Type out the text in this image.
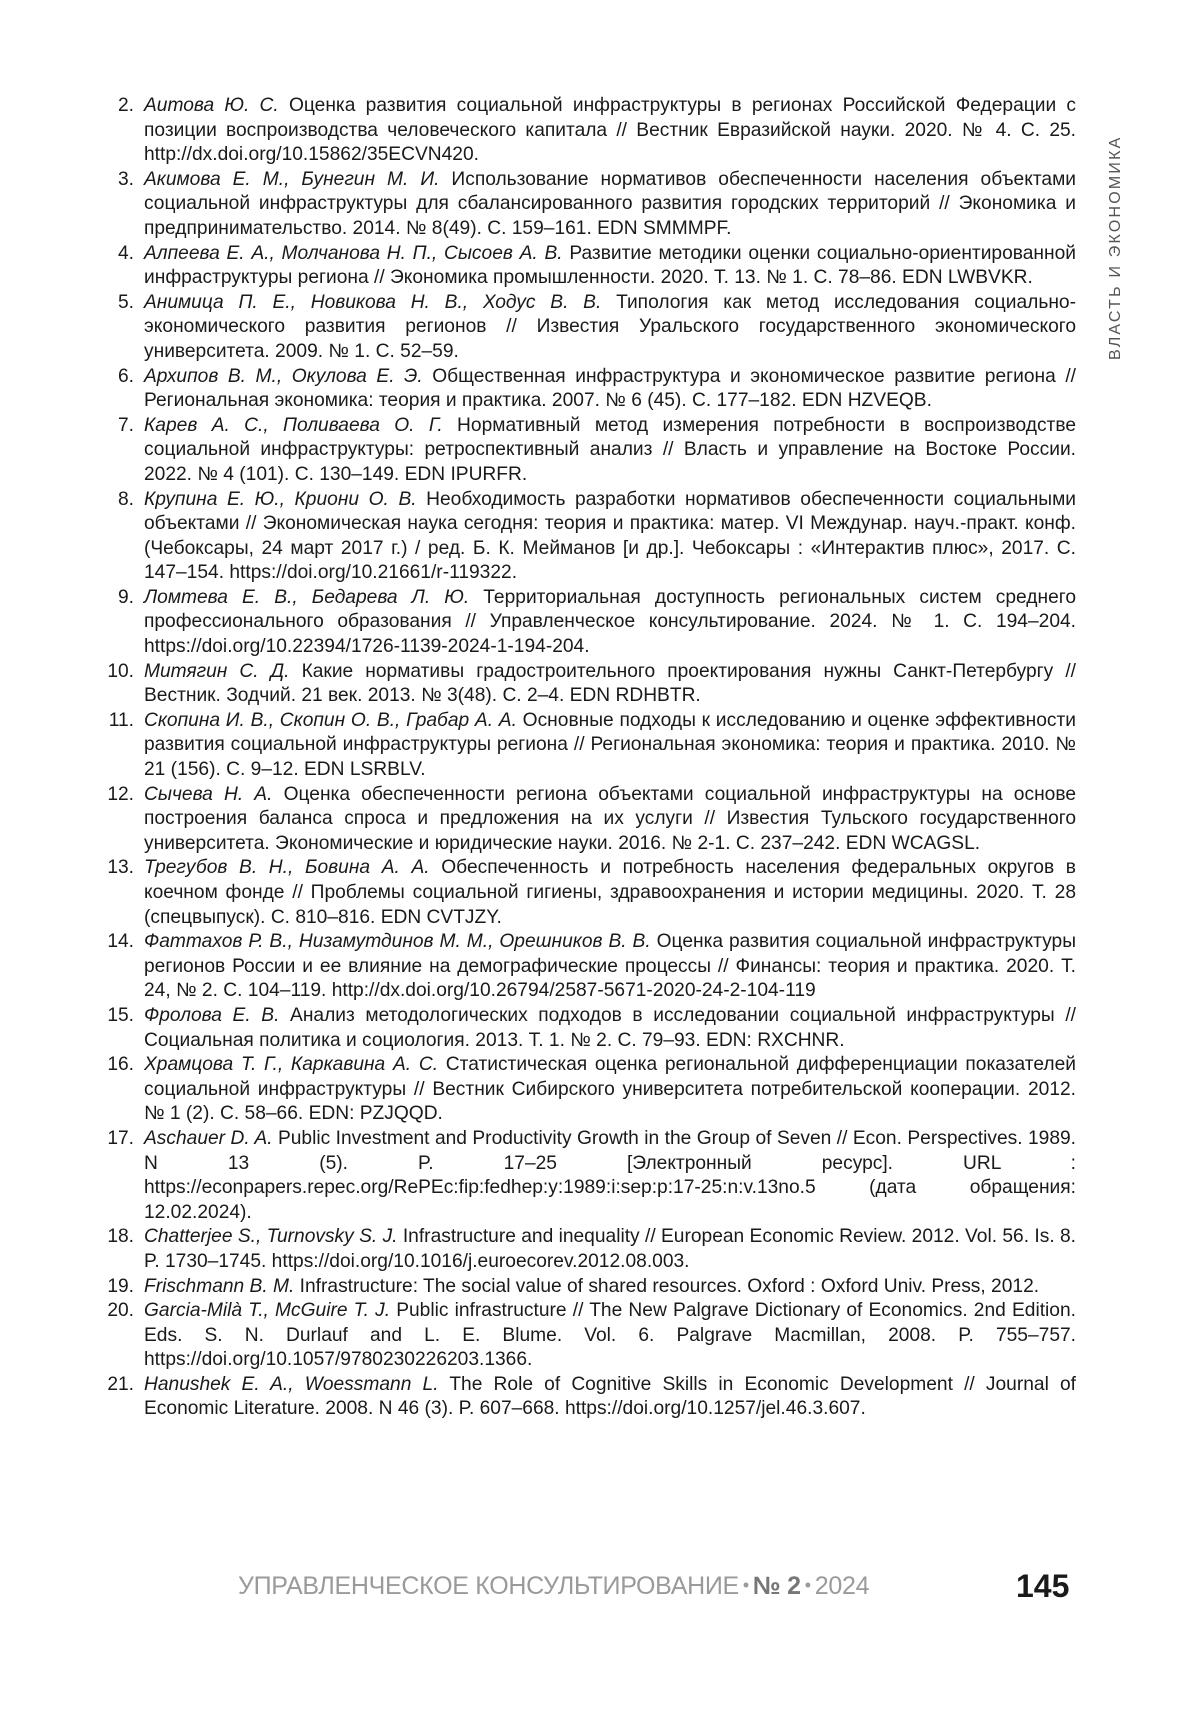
ВЛАСТЬ И ЭКОНОМИКА
2. Аитова Ю. С. Оценка развития социальной инфраструктуры в регионах Российской Федерации с позиции воспроизводства человеческого капитала // Вестник Евразийской науки. 2020. № 4. С. 25. http://dx.doi.org/10.15862/35ECVN420.
3. Акимова Е. М., Бунегин М. И. Использование нормативов обеспеченности населения объектами социальной инфраструктуры для сбалансированного развития городских территорий // Экономика и предпринимательство. 2014. № 8(49). С. 159–161. EDN SMMMPF.
4. Алпеева Е. А., Молчанова Н. П., Сысоев А. В. Развитие методики оценки социально-ориентированной инфраструктуры региона // Экономика промышленности. 2020. Т. 13. № 1. С. 78–86. EDN LWBVKR.
5. Анимица П. Е., Новикова Н. В., Ходус В. В. Типология как метод исследования социально-экономического развития регионов // Известия Уральского государственного экономического университета. 2009. № 1. С. 52–59.
6. Архипов В. М., Окулова Е. Э. Общественная инфраструктура и экономическое развитие региона // Региональная экономика: теория и практика. 2007. № 6 (45). С. 177–182. EDN HZVEQB.
7. Карев А. С., Поливаева О. Г. Нормативный метод измерения потребности в воспроизводстве социальной инфраструктуры: ретроспективный анализ // Власть и управление на Востоке России. 2022. № 4 (101). С. 130–149. EDN IPURFR.
8. Крупина Е. Ю., Криони О. В. Необходимость разработки нормативов обеспеченности социальными объектами // Экономическая наука сегодня: теория и практика: матер. VI Междунар. науч.-практ. конф. (Чебоксары, 24 март 2017 г.) / ред. Б. К. Мейманов [и др.]. Чебоксары : «Интерактив плюс», 2017. С. 147–154. https://doi.org/10.21661/r-119322.
9. Ломтева Е. В., Бедарева Л. Ю. Территориальная доступность региональных систем среднего профессионального образования // Управленческое консультирование. 2024. № 1. С. 194–204. https://doi.org/10.22394/1726-1139-2024-1-194-204.
10. Митягин С. Д. Какие нормативы градостроительного проектирования нужны Санкт-Петербургу // Вестник. Зодчий. 21 век. 2013. № 3(48). С. 2–4. EDN RDHBTR.
11. Скопина И. В., Скопин О. В., Грабар А. А. Основные подходы к исследованию и оценке эффективности развития социальной инфраструктуры региона // Региональная экономика: теория и практика. 2010. № 21 (156). С. 9–12. EDN LSRBLV.
12. Сычева Н. А. Оценка обеспеченности региона объектами социальной инфраструктуры на основе построения баланса спроса и предложения на их услуги // Известия Тульского государственного университета. Экономические и юридические науки. 2016. № 2-1. С. 237–242. EDN WCAGSL.
13. Трегубов В. Н., Бовина А. А. Обеспеченность и потребность населения федеральных округов в коечном фонде // Проблемы социальной гигиены, здравоохранения и истории медицины. 2020. Т. 28 (спецвыпуск). С. 810–816. EDN CVTJZY.
14. Фаттахов Р. В., Низамутдинов М. М., Орешников В. В. Оценка развития социальной инфраструктуры регионов России и ее влияние на демографические процессы // Финансы: теория и практика. 2020. Т. 24, № 2. С. 104–119. http://dx.doi.org/10.26794/2587-5671-2020-24-2-104-119
15. Фролова Е. В. Анализ методологических подходов в исследовании социальной инфраструктуры // Социальная политика и социология. 2013. Т. 1. № 2. С. 79–93. EDN: RXCHNR.
16. Храмцова Т. Г., Каркавина А. С. Статистическая оценка региональной дифференциации показателей социальной инфраструктуры // Вестник Сибирского университета потребительской кооперации. 2012. № 1 (2). С. 58–66. EDN: PZJQQD.
17. Aschauer D. A. Public Investment and Productivity Growth in the Group of Seven // Econ. Perspectives. 1989. N 13 (5). P. 17–25 [Электронный ресурс]. URL : https://econpapers.repec.org/RePEc:fip:fedhep:y:1989:i:sep:p:17-25:n:v.13no.5 (дата обращения: 12.02.2024).
18. Chatterjee S., Turnovsky S. J. Infrastructure and inequality // European Economic Review. 2012. Vol. 56. Is. 8. P. 1730–1745. https://doi.org/10.1016/j.euroecorev.2012.08.003.
19. Frischmann B. M. Infrastructure: The social value of shared resources. Oxford : Oxford Univ. Press, 2012.
20. Garcia-Milà T., McGuire T. J. Public infrastructure // The New Palgrave Dictionary of Economics. 2nd Edition. Eds. S. N. Durlauf and L. E. Blume. Vol. 6. Palgrave Macmillan, 2008. P. 755–757. https://doi.org/10.1057/9780230226203.1366.
21. Hanushek E. A., Woessmann L. The Role of Cognitive Skills in Economic Development // Journal of Economic Literature. 2008. N 46 (3). P. 607–668. https://doi.org/10.1257/jel.46.3.607.
УПРАВЛЕНЧЕСКОЕ КОНСУЛЬТИРОВАНИЕ • № 2 • 2024	145
